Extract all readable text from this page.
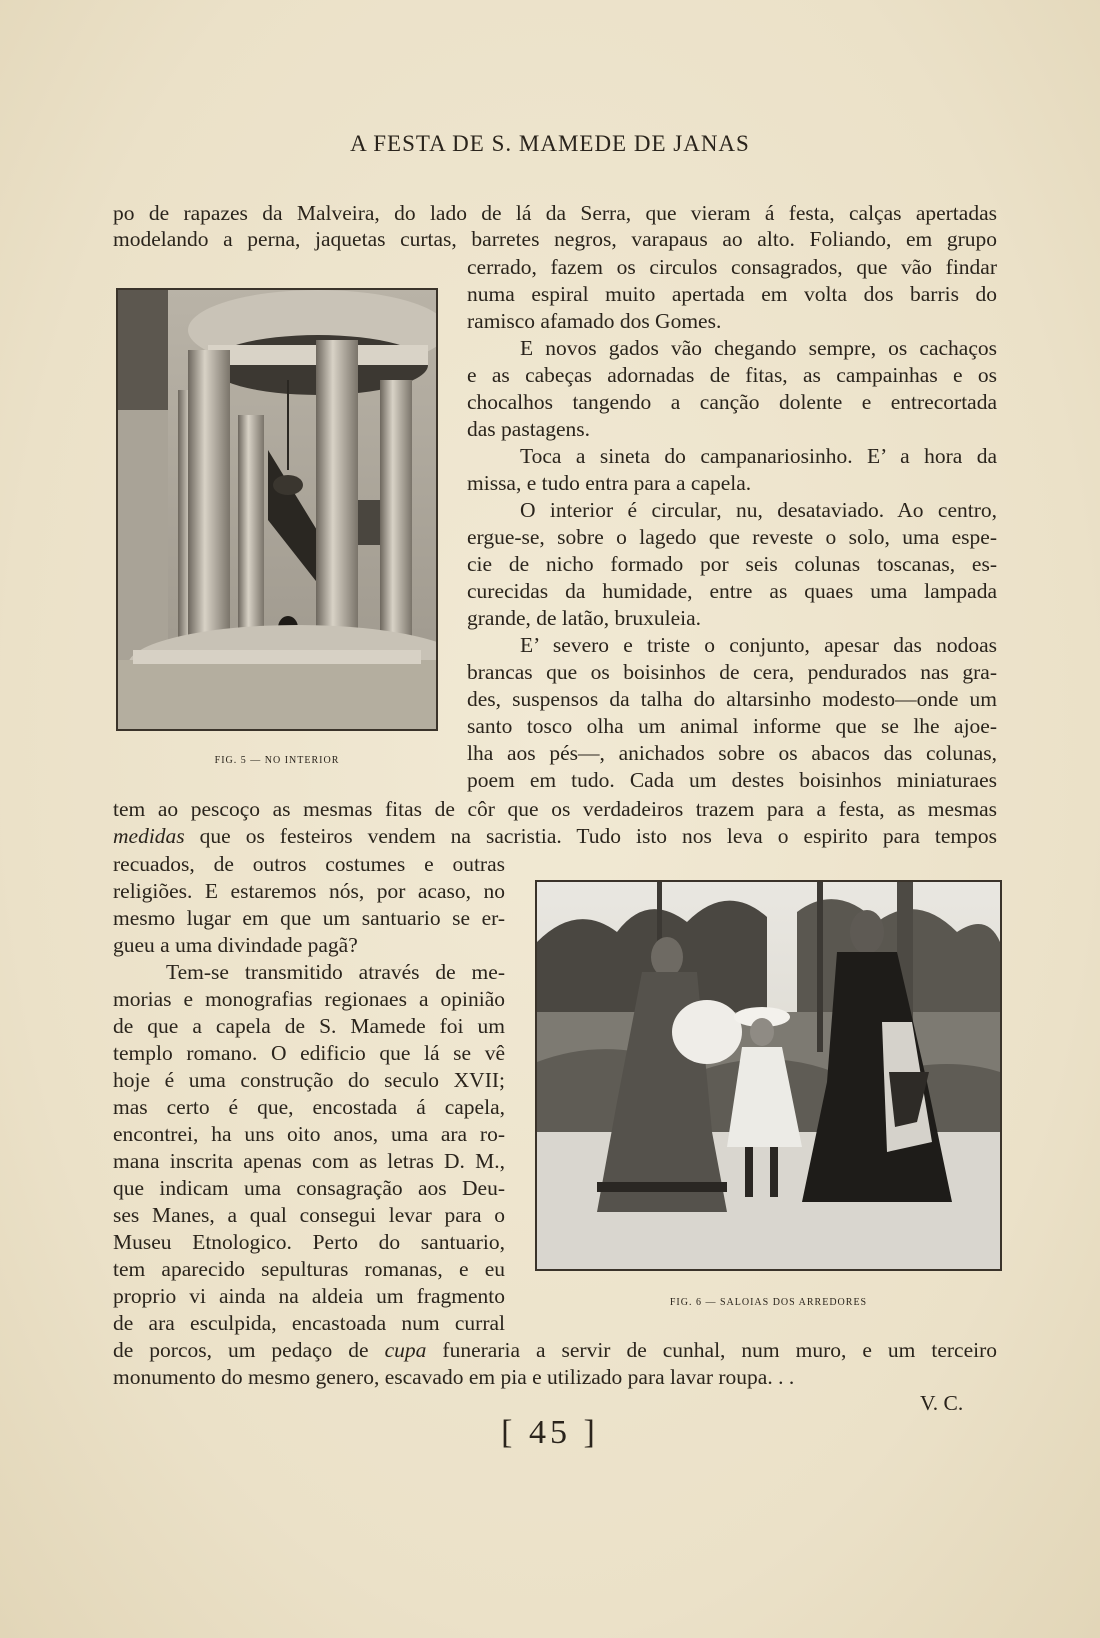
A FESTA DE S. MAMEDE DE JANAS
po de rapazes da Malveira, do lado de lá da Serra, que vieram á festa, calças apertadas
modelando a perna, jaquetas curtas, barretes negros, varapaus ao alto. Foliando, em grupo
FIG. 5 — NO INTERIOR
cerrado, fazem os circulos consagrados, que vão findar
numa espiral muito apertada em volta dos barris do
ramisco afamado dos Gomes.
E novos gados vão chegando sempre, os cachaços
e as cabeças adornadas de fitas, as campainhas e os
chocalhos tangendo a canção dolente e entrecortada
das pastagens.
Toca a sineta do campanariosinho. E’ a hora da
missa, e tudo entra para a capela.
O interior é circular, nu, desataviado. Ao centro,
ergue-se, sobre o lagedo que reveste o solo, uma espe-
cie de nicho formado por seis colunas toscanas, es-
curecidas da humidade, entre as quaes uma lampada
grande, de latão, bruxuleia.
E’ severo e triste o conjunto, apesar das nodoas
brancas que os boisinhos de cera, pendurados nas gra-
des, suspensos da talha do altarsinho modesto—onde um
santo tosco olha um animal informe que se lhe ajoe-
lha aos pés—, anichados sobre os abacos das colunas,
poem em tudo. Cada um destes boisinhos miniaturaes
tem ao pescoço as mesmas fitas de côr que os verdadeiros trazem para a festa, as mesmas
medidas que os festeiros vendem na sacristia. Tudo isto nos leva o espirito para tempos
FIG. 6 — SALOIAS DOS ARREDORES
recuados, de outros costumes e outras
religiões. E estaremos nós, por acaso, no
mesmo lugar em que um santuario se er-
gueu a uma divindade pagã?
Tem-se transmitido através de me-
morias e monografias regionaes a opinião
de que a capela de S. Mamede foi um
templo romano. O edificio que lá se vê
hoje é uma construção do seculo XVII;
mas certo é que, encostada á capela,
encontrei, ha uns oito anos, uma ara ro-
mana inscrita apenas com as letras D. M.,
que indicam uma consagração aos Deu-
ses Manes, a qual consegui levar para o
Museu Etnologico. Perto do santuario,
tem aparecido sepulturas romanas, e eu
proprio vi ainda na aldeia um fragmento
de ara esculpida, encastoada num curral
de porcos, um pedaço de cupa funeraria a servir de cunhal, num muro, e um terceiro
monumento do mesmo genero, escavado em pia e utilizado para lavar roupa. . .
V. C.
[ 45 ]
